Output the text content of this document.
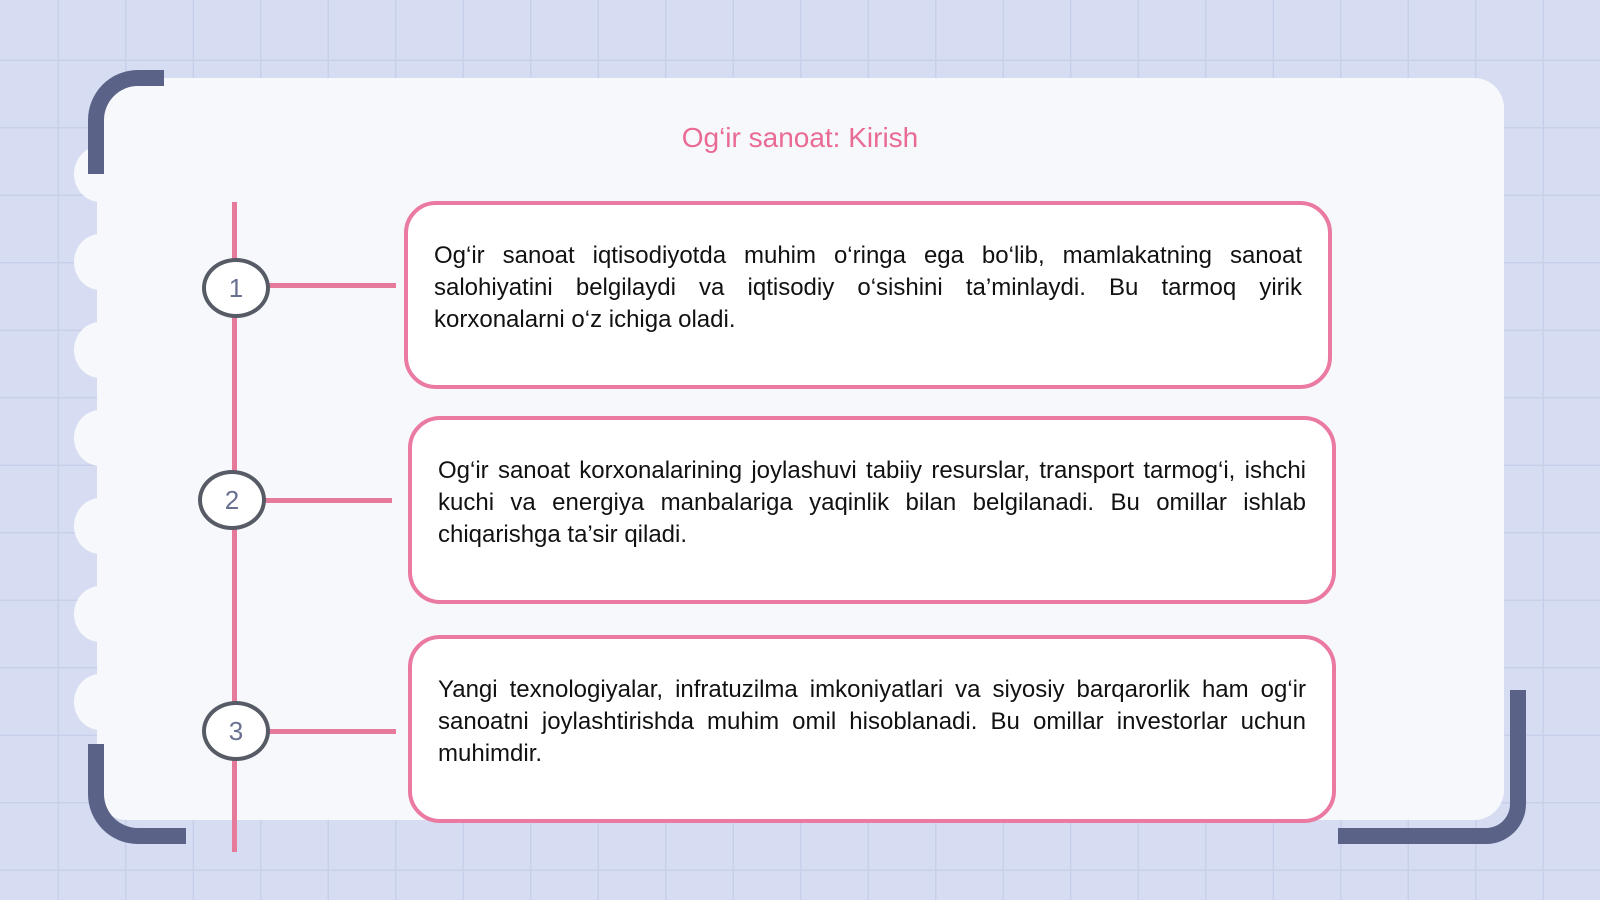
Og‘ir sanoat: Kirish
1
2
3

Og‘ir sanoat iqtisodiyotda muhim o‘ringa ega bo‘lib, mamlakatning sanoat salohiyatini belgilaydi va iqtisodiy o‘sishini ta’minlaydi. Bu tarmoq yirik korxonalarni o‘z ichiga oladi.

Og‘ir sanoat korxonalarining joylashuvi tabiiy resurslar, transport tarmog‘i, ishchi kuchi va energiya manbalariga yaqinlik bilan belgilanadi. Bu omillar ishlab chiqarishga ta’sir qiladi.

Yangi texnologiyalar, infratuzilma imkoniyatlari va siyosiy barqarorlik ham og‘ir sanoatni joylashtirishda muhim omil hisoblanadi. Bu omillar investorlar uchun muhimdir.
